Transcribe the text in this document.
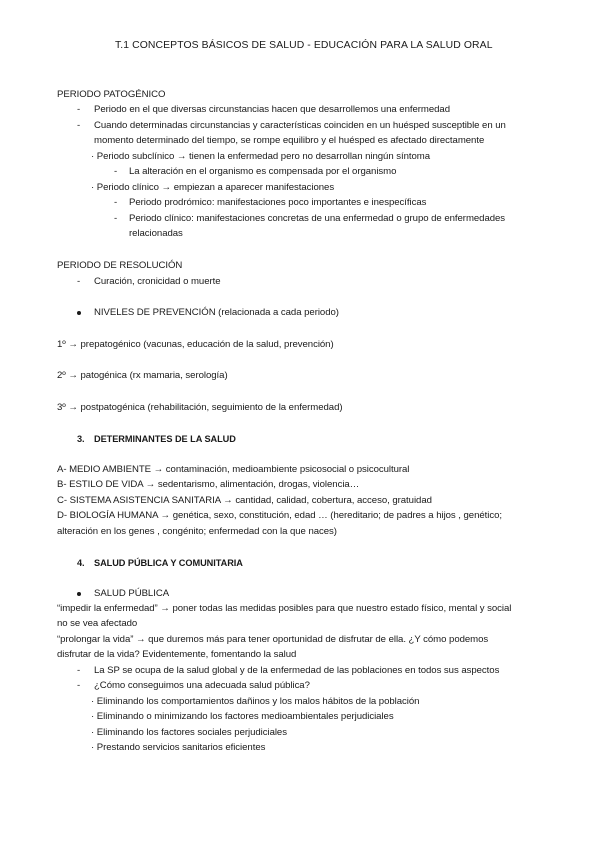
T.1 CONCEPTOS BÁSICOS DE SALUD - EDUCACIÓN PARA LA SALUD ORAL
PERIODO PATOGÉNICO
- Periodo en el que diversas circunstancias hacen que desarrollemos una enfermedad
- Cuando determinadas circunstancias y características coinciden en un huésped susceptible en un
momento determinado del tiempo, se rompe equilibro y el huésped es afectado directamente
· Periodo subclínico → tienen la enfermedad pero no desarrollan ningún síntoma
- La alteración en el organismo es compensada por el organismo
· Periodo clínico → empiezan a aparecer manifestaciones
- Periodo prodrómico: manifestaciones poco importantes e inespecíficas
- Periodo clínico: manifestaciones concretas de una enfermedad o grupo de enfermedades
relacionadas
PERIODO DE RESOLUCIÓN
- Curación, cronicidad o muerte
NIVELES DE PREVENCIÓN (relacionada a cada periodo)
1º → prepatogénico (vacunas, educación de la salud, prevención)
2º → patogénica (rx mamaria, serología)
3º → postpatogénica (rehabilitación, seguimiento de la enfermedad)
3. DETERMINANTES DE LA SALUD
A- MEDIO AMBIENTE → contaminación, medioambiente psicosocial o psicocultural
B- ESTILO DE VIDA → sedentarismo, alimentación, drogas, violencia…
C- SISTEMA ASISTENCIA SANITARIA → cantidad, calidad, cobertura, acceso, gratuidad
D- BIOLOGÍA HUMANA → genética, sexo, constitución, edad … (hereditario; de padres a hijos , genético;
alteración en los genes , congénito; enfermedad con la que naces)
4. SALUD PÚBLICA Y COMUNITARIA
SALUD PÚBLICA
“impedir la enfermedad” → poner todas las medidas posibles para que nuestro estado físico, mental y social
no se vea afectado
“prolongar la vida” → que duremos más para tener oportunidad de disfrutar de ella. ¿Y cómo podemos
disfrutar de la vida? Evidentemente, fomentando la salud
- La SP se ocupa de la salud global y de la enfermedad de las poblaciones en todos sus aspectos
- ¿Cómo conseguimos una adecuada salud pública?
· Eliminando los comportamientos dañinos y los malos hábitos de la población
· Eliminando o minimizando los factores medioambientales perjudiciales
· Eliminando los factores sociales perjudiciales
· Prestando servicios sanitarios eficientes
